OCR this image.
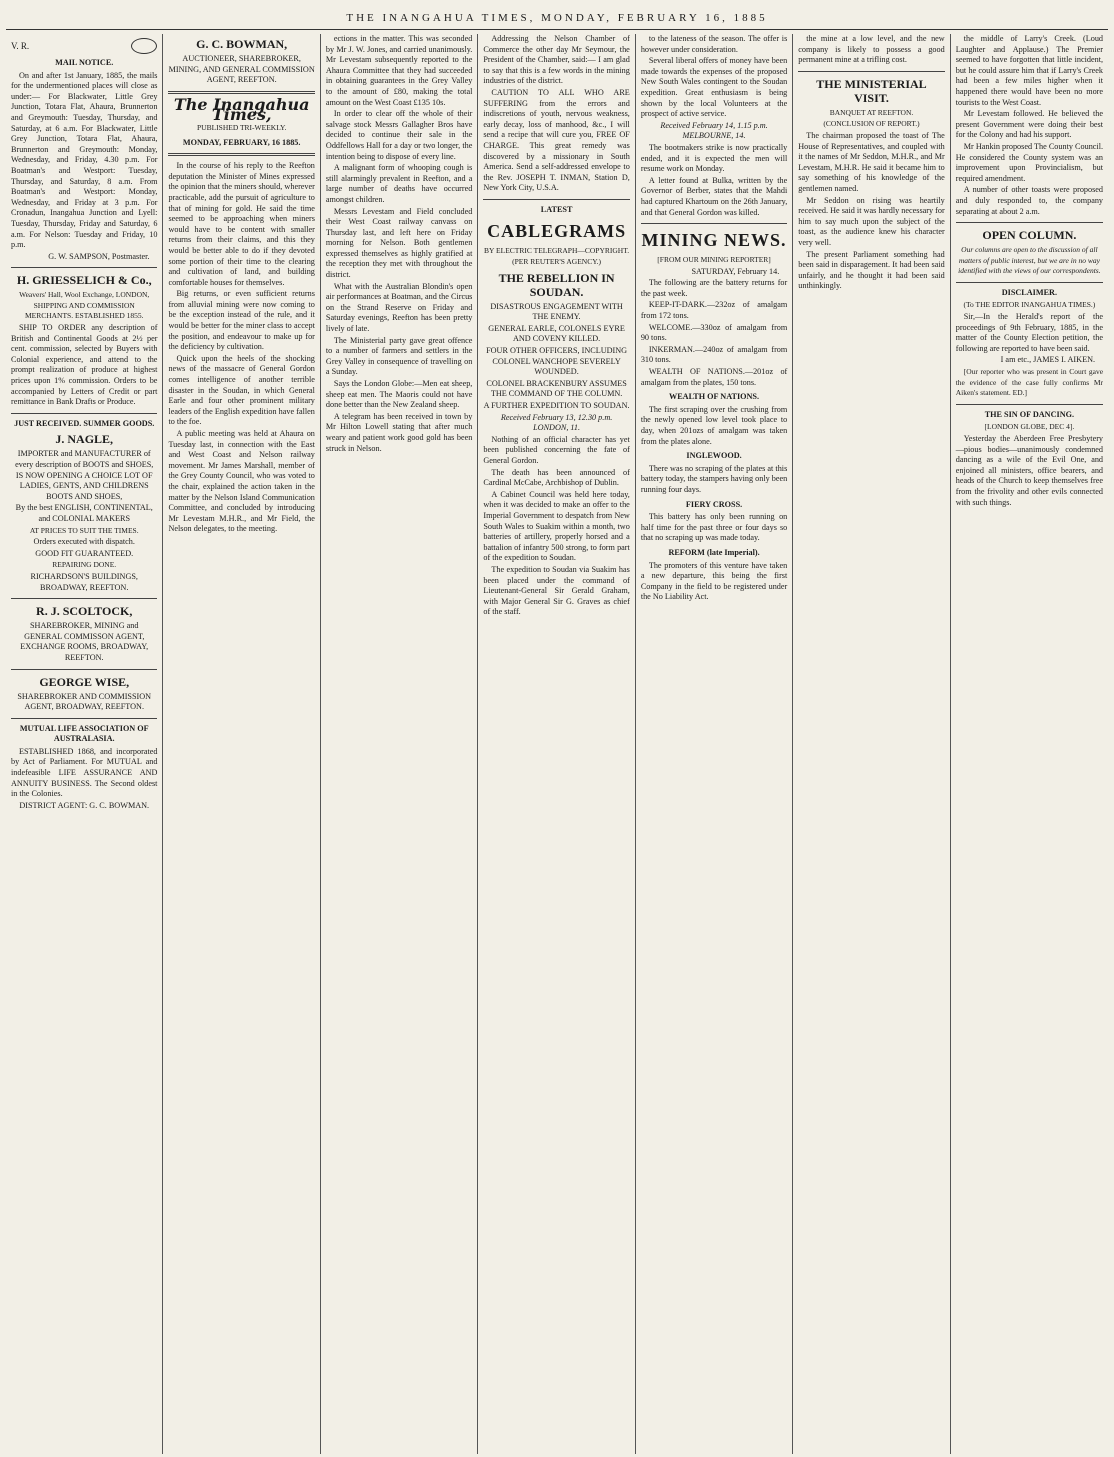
THE INANGAHUA TIMES, MONDAY, FEBRUARY 16, 1885
V. R.
MAIL NOTICE.

On and after 1st January, 1885, the mails for the undermentioned places will close as under:— For Blackwater, Little Grey Junction, Totara Flat, Ahaura, Brunnerton and Greymouth: Tuesday, Thursday, and Saturday, at 6 a.m. For Blackwater, Little Grey Junction, Totara Flat, Ahaura, Brunnerton and Greymouth: Monday, Wednesday, and Friday, 4.30 p.m. For Boatman's and Westport: Tuesday, Thursday, and Saturday, 8 a.m. From Boatman's and Westport: Monday, Wednesday, and Friday at 3 p.m. For Cronadun, Inangahua Junction and Lyell: Tuesday, Thursday, Friday and Saturday, 6 a.m. For Nelson: Tuesday and Friday, 10 p.m.

G. W. SAMPSON, Postmaster.

H. GRIESSELICH & Co.,

Weavers' Hall, Wool Exchange, LONDON, SHIPPING AND COMMISSION MERCHANTS. ESTABLISHED 1855.

SHIP TO ORDER any description of British and Continental Goods at 2½ per cent. commission, selected by Buyers with Colonial experience, and attend to the prompt realization of produce at highest prices upon 1% commission. Orders to be accompanied by Letters of Credit or part remittance in Bank Drafts or Produce.

JUST RECEIVED. SUMMER GOODS.
J. NAGLE,

IMPORTER and MANUFACTURER of every description of BOOTS and SHOES, IS NOW OPENING A CHOICE LOT OF LADIES, GENTS, AND CHILDRENS BOOTS AND SHOES,

By the best ENGLISH, CONTINENTAL, and COLONIAL MAKERS

AT PRICES TO SUIT THE TIMES.

Orders executed with dispatch.

GOOD FIT GUARANTEED.

REPAIRING DONE.

RICHARDSON'S BUILDINGS, BROADWAY, REEFTON.

R. J. SCOLTOCK,

SHAREBROKER, MINING and GENERAL COMMISSON AGENT, EXCHANGE ROOMS, BROADWAY, REEFTON.

GEORGE WISE,

SHAREBROKER AND COMMISSION AGENT, BROADWAY, REEFTON.

MUTUAL LIFE ASSOCIATION OF AUSTRALASIA.

ESTABLISHED 1868, and incorporated by Act of Parliament. For MUTUAL and indefeasible LIFE ASSURANCE AND ANNUITY BUSINESS. The Second oldest in the Colonies.

DISTRICT AGENT: G. C. BOWMAN.

G. C. BOWMAN,

AUCTIONEER, SHAREBROKER, MINING, AND GENERAL COMMISSION AGENT, REEFTON.

The Inangahua Times,

PUBLISHED TRI-WEEKLY.

MONDAY, FEBRUARY, 16 1885.

In the course of his reply to the Reefton deputation the Minister of Mines expressed the opinion that the miners should, wherever practicable, add the pursuit of agriculture to that of mining for gold. He said the time seemed to be approaching when miners would have to be content with smaller returns from their claims, and this they would be better able to do if they devoted some portion of their time to the clearing and cultivation of land, and building comfortable houses for themselves.

Big returns, or even sufficient returns from alluvial mining were now coming to be the exception instead of the rule, and it would be better for the miner class to accept the position, and endeavour to make up for the deficiency by cultivation.

Quick upon the heels of the shocking news of the massacre of General Gordon comes intelligence of another terrible disaster in the Soudan, in which General Earle and four other prominent military leaders of the English expedition have fallen to the foe.

A public meeting was held at Ahaura on Tuesday last, in connection with the East and West Coast and Nelson railway movement. Mr James Marshall, member of the Grey County Council, who was voted to the chair, explained the action taken in the matter by the Nelson Island Communication Committee, and concluded by introducing Mr Levestam M.H.R., and Mr Field, the Nelson delegates, to the meeting.

ections in the matter. This was seconded by Mr J. W. Jones, and carried unanimously. Mr Levestam subsequently reported to the Ahaura Committee that they had succeeded in obtaining guarantees in the Grey Valley to the amount of £80, making the total amount on the West Coast £135 10s.

In order to clear off the whole of their salvage stock Messrs Gallagher Bros have decided to continue their sale in the Oddfellows Hall for a day or two longer, the intention being to dispose of every line.

A malignant form of whooping cough is still alarmingly prevalent in Reefton, and a large number of deaths have occurred amongst children.

Messrs Levestam and Field concluded their West Coast railway canvass on Thursday last, and left here on Friday morning for Nelson. Both gentlemen expressed themselves as highly gratified at the reception they met with throughout the district.

What with the Australian Blondin's open air performances at Boatman, and the Circus on the Strand Reserve on Friday and Saturday evenings, Reefton has been pretty lively of late.

The Ministerial party gave great offence to a number of farmers and settlers in the Grey Valley in consequence of travelling on a Sunday.

Says the London Globe:—Men eat sheep, sheep eat men. The Maoris could not have done better than the New Zealand sheep.

A telegram has been received in town by Mr Hilton Lowell stating that after much weary and patient work good gold has been struck in Nelson.

Addressing the Nelson Chamber of Commerce the other day Mr Seymour, the President of the Chamber, said:— I am glad to say that this is a few words in the mining industries of the district.

CAUTION TO ALL WHO ARE SUFFERING from the errors and indiscretions of youth, nervous weakness, early decay, loss of manhood, &c., I will send a recipe that will cure you, FREE OF CHARGE. This great remedy was discovered by a missionary in South America. Send a self-addressed envelope to the Rev. JOSEPH T. INMAN, Station D, New York City, U.S.A.

LATEST
CABLEGRAMS

BY ELECTRIC TELEGRAPH—COPYRIGHT.

(PER REUTER'S AGENCY.)

THE REBELLION IN SOUDAN.

DISASTROUS ENGAGEMENT WITH THE ENEMY.

GENERAL EARLE, COLONELS EYRE AND COVENY KILLED.

FOUR OTHER OFFICERS, INCLUDING COLONEL WANCHOPE SEVERELY WOUNDED.

COLONEL BRACKENBURY ASSUMES THE COMMAND OF THE COLUMN.

A FURTHER EXPEDITION TO SOUDAN.

Received February 13, 12.30 p.m. LONDON, 11.

Nothing of an official character has yet been published concerning the fate of General Gordon.

The death has been announced of Cardinal McCabe, Archbishop of Dublin.

A Cabinet Council was held here today, when it was decided to make an offer to the Imperial Government to despatch from New South Wales to Suakim within a month, two batteries of artillery, properly horsed and a battalion of infantry 500 strong, to form part of the expedition to Soudan.

The expedition to Soudan via Suakim has been placed under the command of Lieutenant-General Sir Gerald Graham, with Major General Sir G. Graves as chief of the staff.

to the lateness of the season. The offer is however under consideration.

Several liberal offers of money have been made towards the expenses of the proposed New South Wales contingent to the Soudan expedition. Great enthusiasm is being shown by the local Volunteers at the prospect of active service.

Received February 14, 1.15 p.m. MELBOURNE, 14.

The bootmakers strike is now practically ended, and it is expected the men will resume work on Monday.

A letter found at Bulka, written by the Governor of Berber, states that the Mahdi had captured Khartoum on the 26th January, and that General Gordon was killed.

MINING NEWS.

[FROM OUR MINING REPORTER]

SATURDAY, February 14.

The following are the battery returns for the past week.

KEEP-IT-DARK.—232oz of amalgam from 172 tons.

WELCOME.—330oz of amalgam from 90 tons.

INKERMAN.—240oz of amalgam from 310 tons.

WEALTH OF NATIONS.—201oz of amalgam from the plates, 150 tons.

WEALTH OF NATIONS.

The first scraping over the crushing from the newly opened low level took place to day, when 201ozs of amalgam was taken from the plates alone.

INGLEWOOD.

There was no scraping of the plates at this battery today, the stampers having only been running four days.

FIERY CROSS.

This battery has only been running on half time for the past three or four days so that no scraping up was made today.

REFORM (late Imperial).

The promoters of this venture have taken a new departure, this being the first Company in the field to be registered under the No Liability Act.

the mine at a low level, and the new company is likely to possess a good permanent mine at a trifling cost.

THE MINISTERIAL VISIT.

BANQUET AT REEFTON.

(CONCLUSION OF REPORT.)

The chairman proposed the toast of The House of Representatives, and coupled with it the names of Mr Seddon, M.H.R., and Mr Levestam, M.H.R. He said it became him to say something of his knowledge of the gentlemen named.

Mr Seddon on rising was heartily received. He said it was hardly necessary for him to say much upon the subject of the toast, as the audience knew his character very well.

The present Parliament something had been said in disparagement. It had been said unfairly, and he thought it had been said unthinkingly.

the middle of Larry's Creek. (Loud Laughter and Applause.) The Premier seemed to have forgotten that little incident, but he could assure him that if Larry's Creek had been a few miles higher when it happened there would have been no more tourists to the West Coast.

Mr Levestam followed. He believed the present Government were doing their best for the Colony and had his support.

Mr Hankin proposed The County Council. He considered the County system was an improvement upon Provincialism, but required amendment.

A number of other toasts were proposed and duly responded to, the company separating at about 2 a.m.

OPEN COLUMN.

Our columns are open to the discussion of all matters of public interest, but we are in no way identified with the views of our correspondents.

DISCLAIMER.

(To THE EDITOR INANGAHUA TIMES.)

Sir,—In the Herald's report of the proceedings of 9th February, 1885, in the matter of the County Election petition, the following are reported to have been said.

I am etc., JAMES I. AIKEN.

[Our reporter who was present in Court gave the evidence of the case fully confirms Mr Aiken's statement. ED.]

THE SIN OF DANCING.

[LONDON GLOBE, DEC 4].

Yesterday the Aberdeen Free Presbytery—pious bodies—unanimously condemned dancing as a wile of the Evil One, and enjoined all ministers, office bearers, and heads of the Church to keep themselves free from the frivolity and other evils connected with such things.
